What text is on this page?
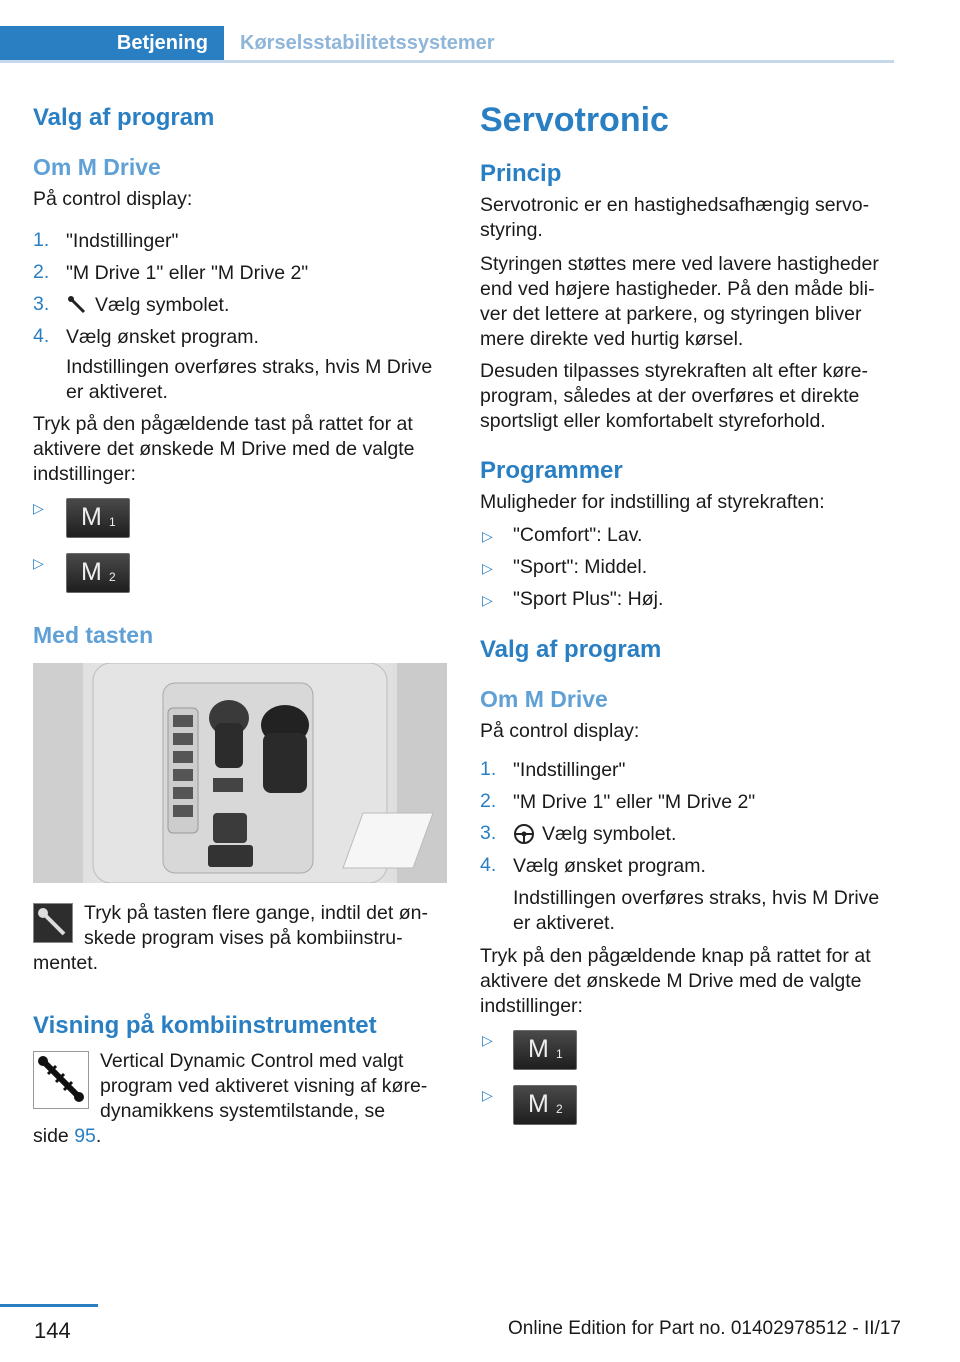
Betjening Kørselsstabilitetssystemer
Valg af program
Om M Drive
På control display:
1. "Indstillinger"
2. "M Drive 1" eller "M Drive 2"
3. Vælg symbolet.
4. Vælg ønsket program.
Indstillingen overføres straks, hvis M Drive
er aktiveret.
Tryk på den pågældende tast på rattet for at
aktivere det ønskede M Drive med de valgte
indstillinger:
▷ M 1
▷ M 2
Med tasten
Tryk på tasten flere gange, indtil det øn-
skede program vises på kombiinstru-
mentet.
Visning på kombiinstrumentet
Vertical Dynamic Control med valgt
program ved aktiveret visning af køre-
dynamikkens systemtilstande, se
side 95.
Servotronic
Princip
Servotronic er en hastighedsafhængig servo-
styring.
Styringen støttes mere ved lavere hastigheder
end ved højere hastigheder. På den måde bli-
ver det lettere at parkere, og styringen bliver
mere direkte ved hurtig kørsel.
Desuden tilpasses styrekraften alt efter køre-
program, således at der overføres et direkte
sportsligt eller komfortabelt styreforhold.
Programmer
Muligheder for indstilling af styrekraften:
▷ "Comfort": Lav.
▷ "Sport": Middel.
▷ "Sport Plus": Høj.
Valg af program
Om M Drive
På control display:
1. "Indstillinger"
2. "M Drive 1" eller "M Drive 2"
3. Vælg symbolet.
4. Vælg ønsket program.
Indstillingen overføres straks, hvis M Drive
er aktiveret.
Tryk på den pågældende knap på rattet for at
aktivere det ønskede M Drive med de valgte
indstillinger:
▷ M 1
▷ M 2
144	Online Edition for Part no. 01402978512 - II/17
